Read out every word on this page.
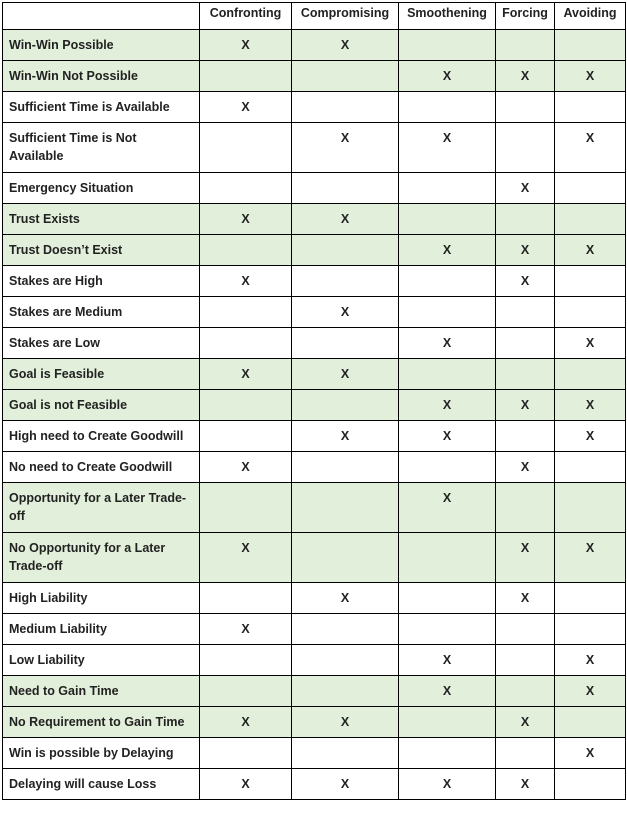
	Confronting	Compromising	Smoothening	Forcing	Avoiding
Win-Win Possible	X	X			
Win-Win Not Possible			X	X	X
Sufficient Time is Available	X				
Sufficient Time is Not Available		X	X		X
Emergency Situation				X	
Trust Exists	X	X			
Trust Doesn’t Exist			X	X	X
Stakes are High	X			X	
Stakes are Medium		X			
Stakes are Low			X		X
Goal is Feasible	X	X			
Goal is not Feasible			X	X	X
High need to Create Goodwill		X	X		X
No need to Create Goodwill	X			X	
Opportunity for a Later Trade-off			X		
No Opportunity for a Later Trade-off	X			X	X
High Liability		X		X	
Medium Liability	X				
Low Liability			X		X
Need to Gain Time			X		X
No Requirement to Gain Time	X	X		X	
Win is possible by Delaying					X
Delaying will cause Loss	X	X	X	X	
